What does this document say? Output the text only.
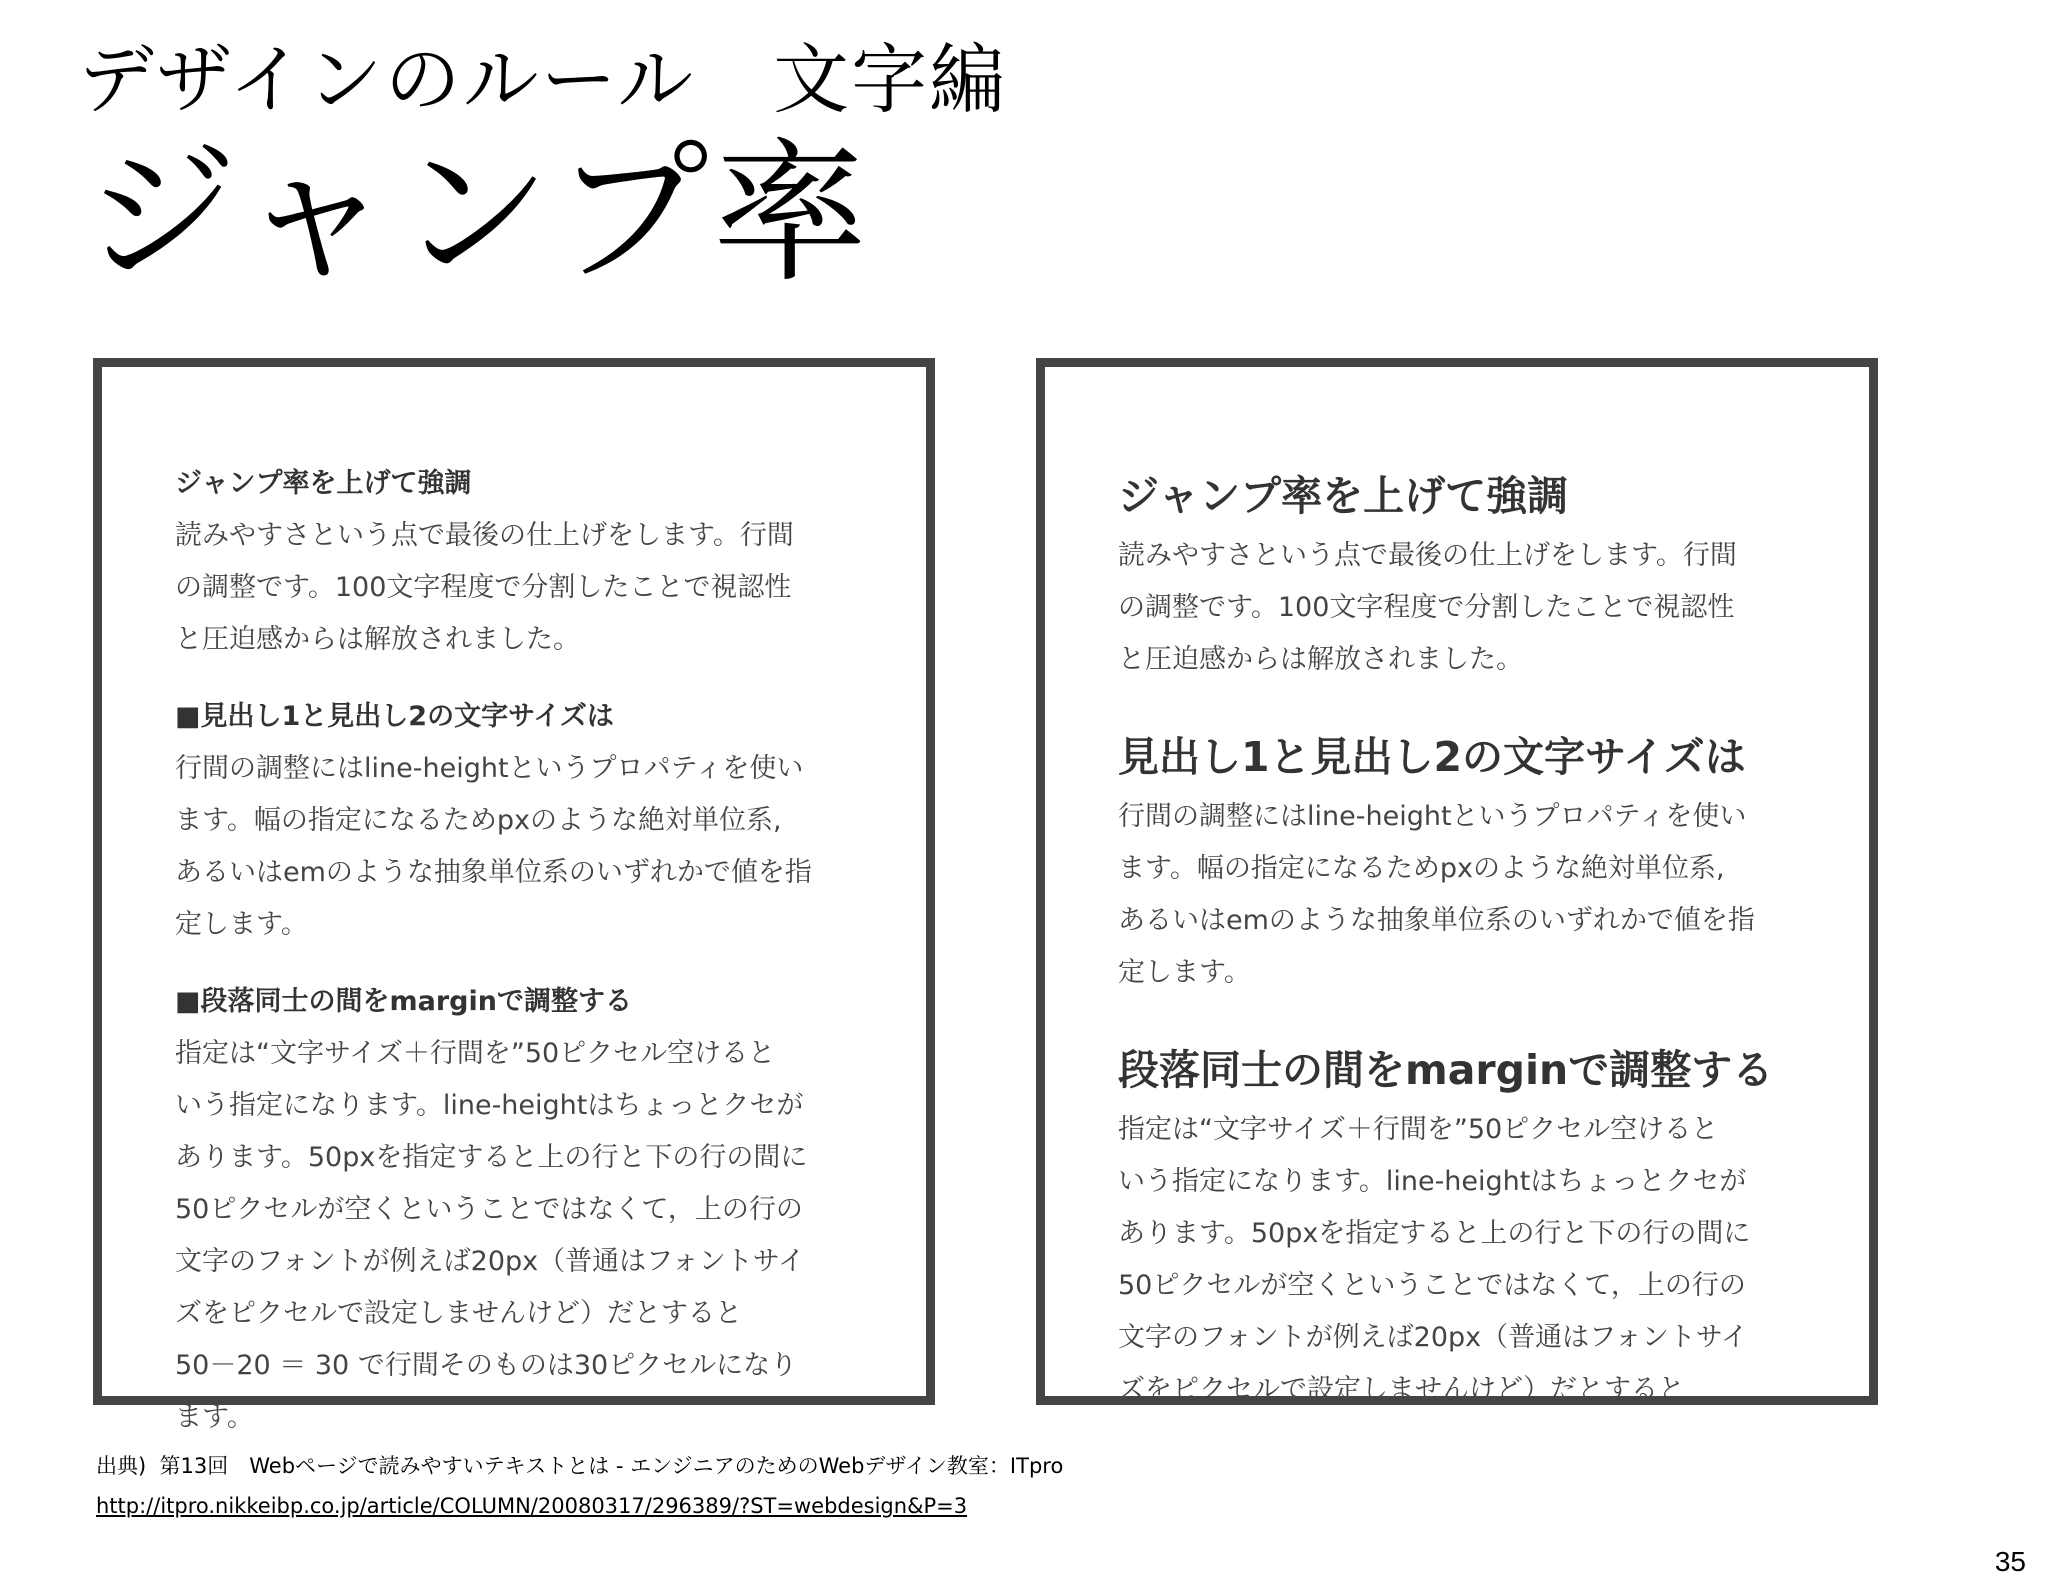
デザインのルール　文字編
ジャンプ率
ジャンプ率を上げて強調
読みやすさという点で最後の仕上げをします。行間
の調整です。100文字程度で分割したことで視認性
と圧迫感からは解放されました。
■見出し1と見出し2の文字サイズは
行間の調整にはline-heightというプロパティを使い
ます。幅の指定になるためpxのような絶対単位系,
あるいはemのような抽象単位系のいずれかで値を指
定します。
■段落同士の間をmarginで調整する
指定は“文字サイズ＋行間を”50ピクセル空けると
いう指定になります。line-heightはちょっとクセが
あります。50pxを指定すると上の行と下の行の間に
50ピクセルが空くということではなくて，上の行の
文字のフォントが例えば20px（普通はフォントサイ
ズをピクセルで設定しませんけど）だとすると
50－20 ＝ 30 で行間そのものは30ピクセルになり
ます。
ジャンプ率を上げて強調
読みやすさという点で最後の仕上げをします。行間
の調整です。100文字程度で分割したことで視認性
と圧迫感からは解放されました。
見出し1と見出し2の文字サイズは
行間の調整にはline-heightというプロパティを使い
ます。幅の指定になるためpxのような絶対単位系,
あるいはemのような抽象単位系のいずれかで値を指
定します。
段落同士の間をmarginで調整する
指定は“文字サイズ＋行間を”50ピクセル空けると
いう指定になります。line-heightはちょっとクセが
あります。50pxを指定すると上の行と下の行の間に
50ピクセルが空くということではなくて，上の行の
文字のフォントが例えば20px（普通はフォントサイ
ズをピクセルで設定しませんけど）だとすると
出典)  第13回　Webページで読みやすいテキストとは - エンジニアのためのWebデザイン教室：ITpro
http://itpro.nikkeibp.co.jp/article/COLUMN/20080317/296389/?ST=webdesign&P=3
35
